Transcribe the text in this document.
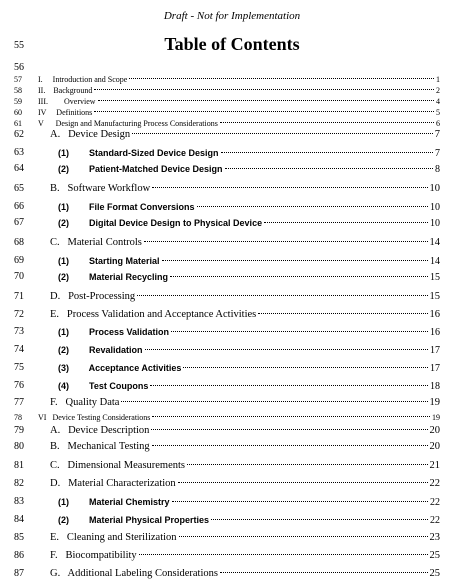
Draft - Not for Implementation
55	Table of Contents
56
57	I.     Introduction and Scope	1
58	II.    Background	2
59	III.        Overview	4
60	IV     Definitions	5
61	V      Design and Manufacturing Process Considerations	6
62	A.   Device Design	7
63	(1)        Standard-Sized Device Design	7
64	(2)        Patient-Matched Device Design	8
65	B.   Software Workflow	10
66	(1)        File Format Conversions	10
67	(2)        Digital Device Design to Physical Device	10
68	C.   Material Controls	14
69	(1)        Starting Material	14
70	(2)        Material Recycling	15
71	D.   Post-Processing	15
72	E.   Process Validation and Acceptance Activities	16
73	(1)        Process Validation	16
74	(2)        Revalidation	17
75	(3)        Acceptance Activities	17
76	(4)        Test Coupons	18
77	F.   Quality Data	19
78	VI   Device Testing Considerations	19
79	A.   Device Description	20
80	B.   Mechanical Testing	20
81	C.   Dimensional Measurements	21
82	D.   Material Characterization	22
83	(1)        Material Chemistry	22
84	(2)        Material Physical Properties	22
85	E.   Cleaning and Sterilization	23
86	F.   Biocompatibility	25
87	G.   Additional Labeling Considerations	25
